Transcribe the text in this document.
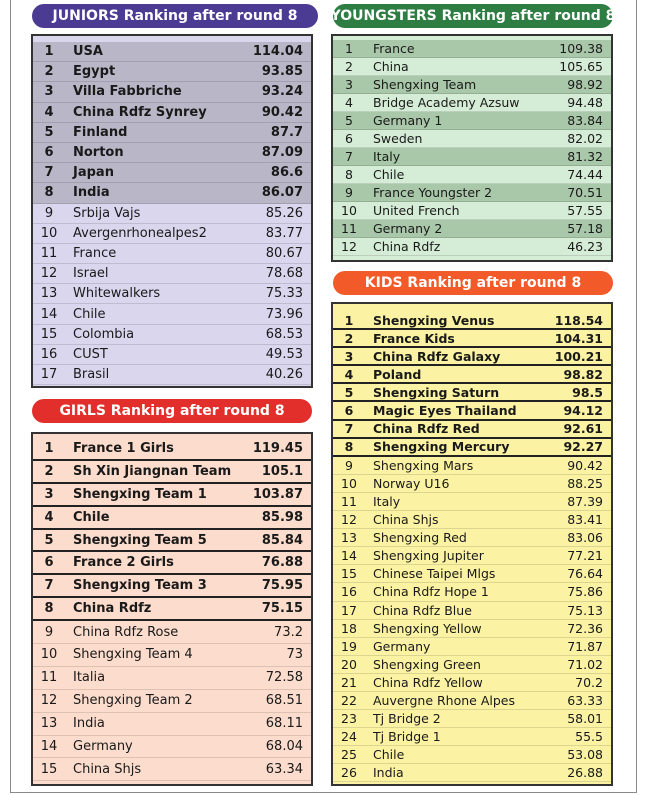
JUNIORS Ranking after round 8
1	USA	114.04
2	Egypt	93.85
3	Villa Fabbriche	93.24
4	China Rdfz Synrey	90.42
5	Finland	87.7
6	Norton	87.09
7	Japan	86.6
8	India	86.07
9	Srbija Vajs	85.26
10	Avergenrhonealpes2	83.77
11	France	80.67
12	Israel	78.68
13	Whitewalkers	75.33
14	Chile	73.96
15	Colombia	68.53
16	CUST	49.53
17	Brasil	40.26
YOUNGSTERS Ranking after round 8
1	France	109.38
2	China	105.65
3	Shengxing Team	98.92
4	Bridge Academy Azsuw	94.48
5	Germany 1	83.84
6	Sweden	82.02
7	Italy	81.32
8	Chile	74.44
9	France Youngster 2	70.51
10	United French	57.55
11	Germany 2	57.18
12	China Rdfz	46.23
GIRLS Ranking after round 8
1	France 1 Girls	119.45
2	Sh Xin Jiangnan Team 105.1
3	Shengxing Team 1	103.87
4	Chile	85.98
5	Shengxing Team 5	85.84
6	France 2 Girls	76.88
7	Shengxing Team 3	75.95
8	China Rdfz	75.15
9	China Rdfz Rose	73.2
10	Shengxing Team 4	73
11	Italia	72.58
12	Shengxing Team 2	68.51
13	India	68.11
14	Germany	68.04
15	China Shjs	63.34
KIDS Ranking after round 8
1	Shengxing Venus	118.54
2	France Kids	104.31
3	China Rdfz Galaxy	100.21
4	Poland	98.82
5	Shengxing Saturn	98.5
6	Magic Eyes Thailand	94.12
7	China Rdfz Red	92.61
8	Shengxing Mercury	92.27
9	Shengxing Mars	90.42
10	Norway U16	88.25
11	Italy	87.39
12	China Shjs	83.41
13	Shengxing Red	83.06
14	Shengxing Jupiter	77.21
15	Chinese Taipei Mlgs	76.64
16	China Rdfz Hope 1	75.86
17	China Rdfz Blue	75.13
18	Shengxing Yellow	72.36
19	Germany	71.87
20	Shengxing Green	71.02
21	China Rdfz Yellow	70.2
22	Auvergne Rhone Alpes	63.33
23	Tj Bridge 2	58.01
24	Tj Bridge 1	55.5
25	Chile	53.08
26	India	26.88
